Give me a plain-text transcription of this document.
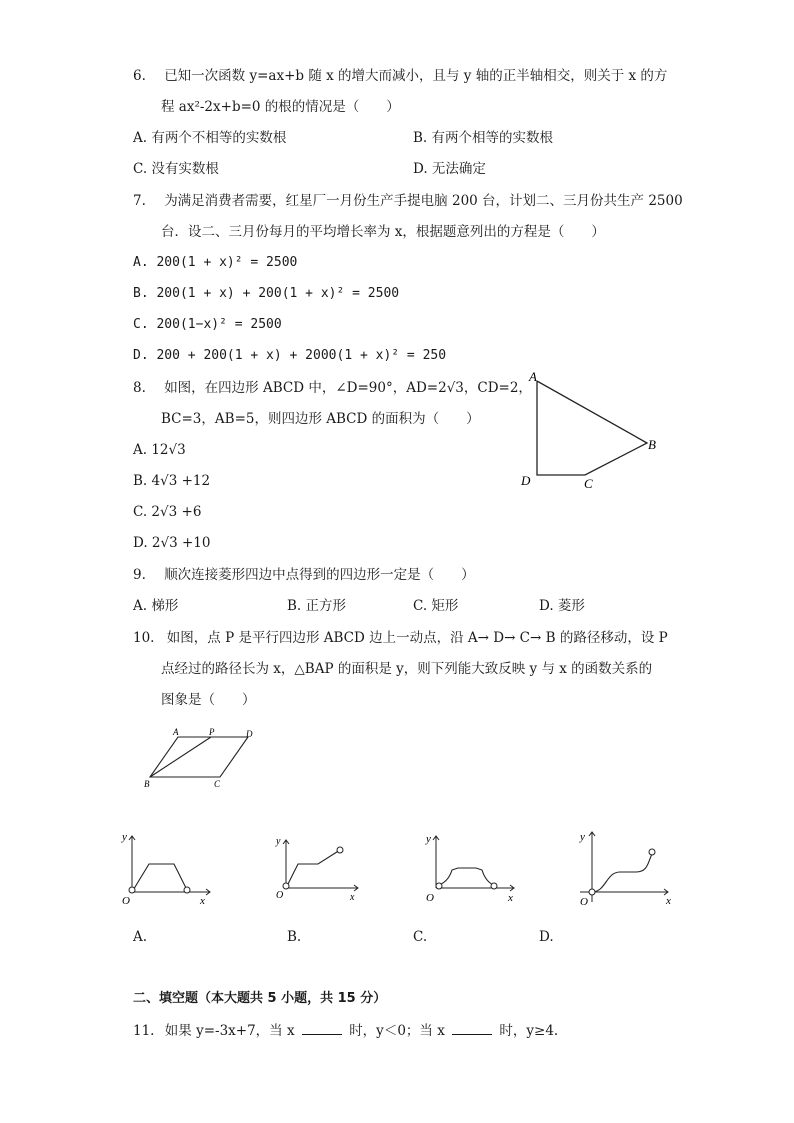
6. 已知一次函数 y=ax+b 随 x 的增大而减小，且与 y 轴的正半轴相交，则关于 x 的方
程 ax²-2x+b=0 的根的情况是（　　）
A. 有两个不相等的实数根	B. 有两个相等的实数根
C. 没有实数根	D. 无法确定
7. 为满足消费者需要，红星厂一月份生产手提电脑 200 台，计划二、三月份共生产 2500
台．设二、三月份每月的平均增长率为 x，根据题意列出的方程是（　　）
A. 200(1 + x)² = 2500
B. 200(1 + x) + 200(1 + x)² = 2500
C. 200(1−x)² = 2500
D. 200 + 200(1 + x) + 2000(1 + x)² = 250
8. 如图，在四边形 ABCD 中，∠D=90°，AD=2√3，CD=2，
BC=3，AB=5，则四边形 ABCD 的面积为（　　）
A. 12√3
B. 4√3 +12
C. 2√3 +6
D. 2√3 +10
A
B
C
D
9. 顺次连接菱形四边中点得到的四边形一定是（　　）
A. 梯形	B. 正方形	C. 矩形	D. 菱形
10. 如图，点 P 是平行四边形 ABCD 边上一动点，沿 A→ D→ C→ B 的路径移动，设 P
点经过的路径长为 x，△BAP 的面积是 y，则下列能大致反映 y 与 x 的函数关系的
图象是（　　）
A	P	D
B	C
y
x
O
y
x
O
y
x
O
y
x
O
A.	B.	C.	D.
二、填空题（本大题共 5 小题，共 15 分）
11. 如果 y=-3x+7，当 x	时，y＜0；当 x	时，y≥4.
